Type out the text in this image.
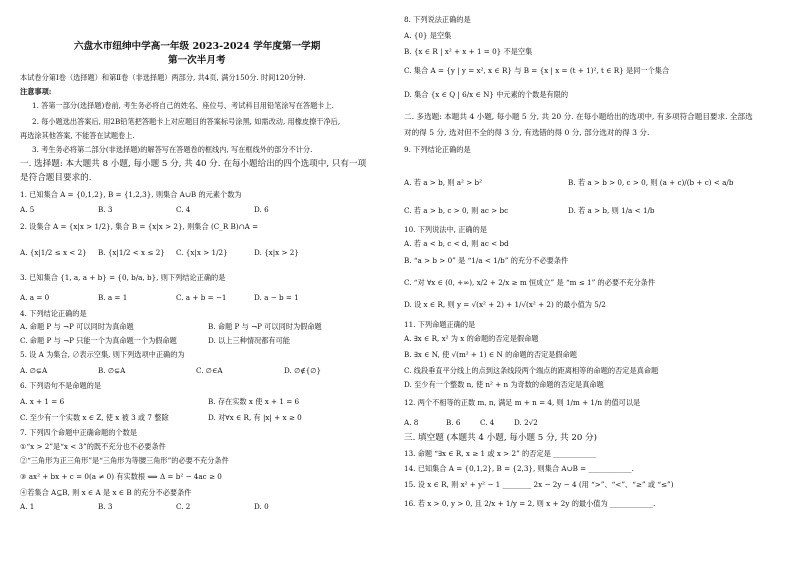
六盘水市纽绅中学高一年级 2023-2024 学年度第一学期
第一次半月考
本试卷分第Ⅰ卷（选择题）和第Ⅱ卷（非选择题）两部分, 共4页, 满分150分. 时间120分钟.
注意事项:
1. 答第一部分(选择题)卷前, 考生务必将自己的姓名、座位号、考试科目用铅笔涂写在答题卡上.
2. 每小题选出答案后, 用2B铅笔把答题卡上对应题目的答案标号涂黑, 如需改动, 用橡皮擦干净后,
再选涂其他答案, 不能答在试题卷上.
3. 考生务必将第二部分(非选择题)的解答写在答题卷的框线内, 写在框线外的部分不计分.
一. 选择题: 本大题共 8 小题, 每小题 5 分, 共 40 分. 在每小题给出的四个选项中, 只有一项
是符合题目要求的.
1. 已知集合 A = {0,1,2}, B = {1,2,3}, 则集合 A∪B 的元素个数为
A. 5	B. 3	C. 4	D. 6
2. 设集合 A = {x|x > 1/2}, 集合 B = {x|x > 2}, 则集合 (C_R B)∩A =
A. {x|1/2 ≤ x < 2} B. {x|1/2 < x ≤ 2} C. {x|x > 1/2}	D. {x|x > 2}
3. 已知集合 {1, a, a + b} = {0, b/a, b}, 则下列结论正确的是
A. a = 0	B. a = 1	C. a + b = −1	D. a − b = 1
4. 下列结论正确的是
A. 命题 P 与 ¬P 可以同时为真命题	B. 命题 P 与 ¬P 可以同时为假命题
C. 命题 P 与 ¬P 只能一个为真命题一个为假命题	D. 以上三种情况都有可能
5. 设 A 为集合, ∅表示空集, 则下列选项中正确的为
A. ∅⊊A	B. ∅⊊A	C. ∅∈A	D. ∅∉{∅}
6. 下列语句不是命题的是
A. x + 1 = 6	B. 存在实数 x 使 x + 1 = 6
C. 至少有一个实数 x ∈ Z, 使 x 被 3 或 7 整除	D. 对∀x ∈ R, 有 |x| + x ≥ 0
7. 下列四个命题中正确命题的个数是
①“x > 2”是“x < 3”的既不充分也不必要条件
②“三角形为正三角形”是“三角形为等腰三角形”的必要不充分条件
③ ax² + bx + c = 0(a ≠ 0) 有实数根 ⟺ Δ = b² − 4ac ≥ 0
④若集合 A⊆B, 则 x ∈ A 是 x ∈ B 的充分不必要条件
A. 1	B. 3	C. 2	D. 0
8. 下列说法正确的是
A. {0} 是空集
B. {x ∈ R | x² + x + 1 = 0} 不是空集
C. 集合 A = {y | y = x², x ∈ R} 与 B = {x | x = (t + 1)², t ∈ R} 是同一个集合
D. 集合 {x ∈ Q | 6/x ∈ N} 中元素的个数是有限的
二. 多选题: 本题共 4 小题, 每小题 5 分, 共 20 分. 在每小题给出的选项中, 有多项符合题目要求. 全部选
对的得 5 分, 选对但不全的得 3 分, 有选错的得 0 分, 部分选对的得 3 分.
9. 下列结论正确的是
A. 若 a > b, 则 a² > b²	B. 若 a > b > 0, c > 0, 则 (a + c)/(b + c) < a/b
C. 若 a > b, c > 0, 则 ac > bc	D. 若 a > b, 则 1/a < 1/b
10. 下列说法中, 正确的是
A. 若 a < b, c < d, 则 ac < bd
B. “a > b > 0” 是 “1/a < 1/b” 的充分不必要条件
C. “对 ∀x ∈ (0, +∞), x/2 + 2/x ≥ m 恒成立” 是 “m ≤ 1” 的必要不充分条件
D. 设 x ∈ R, 则 y = √(x² + 2) + 1/√(x² + 2) 的最小值为 5/2
11. 下列命题正确的是
A. ∃x ∈ R, x² 为 x 的命题的否定是假命题
B. ∃x ∈ N, 使 √(m² + 1) ∈ N 的命题的否定是假命题
C. 线段垂直平分线上的点到这条线段两个端点的距离相等的命题的否定是真命题
D. 至少有一个整数 n, 使 n² + n 为奇数的命题的否定是真命题
12. 两个不相等的正数 m, n, 满足 m + n = 4, 则 1/m + 1/n 的值可以是
A. 8	B. 6	C. 4	D. 2√2
三. 填空题 (本题共 4 小题, 每小题 5 分, 共 20 分)
13. 命题 “∃x ∈ R, x ≥ 1 或 x > 2” 的否定是 ____________
14. 已知集合 A = {0,1,2}, B = {2,3}, 则集合 A∪B = ____________.
15. 设 x ∈ R, 则 x² + y² − 1 ________ 2x − 2y − 4 (用 “>”、“<”、“≥” 或 “≤”)
16. 若 x > 0, y > 0, 且 2/x + 1/y = 2, 则 x + 2y 的最小值为 ____________.
